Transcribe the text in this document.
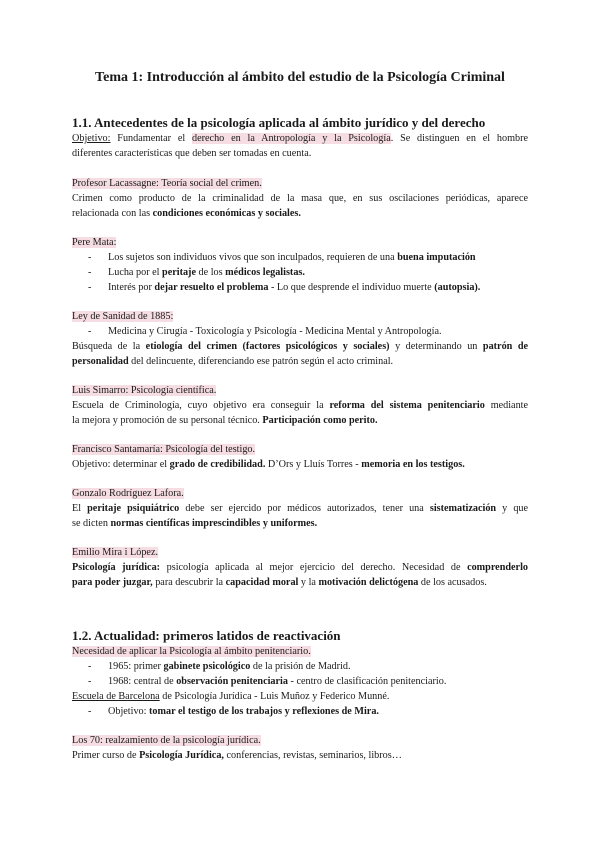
Tema 1: Introducción al ámbito del estudio de la Psicología Criminal
1.1. Antecedentes de la psicología aplicada al ámbito jurídico y del derecho
Objetivo: Fundamentar el derecho en la Antropología y la Psicología. Se distinguen en el hombre
diferentes características que deben ser tomadas en cuenta.
Profesor Lacassagne: Teoría social del crimen.
Crimen como producto de la criminalidad de la masa que, en sus oscilaciones periódicas, aparece
relacionada con las condiciones económicas y sociales.
Pere Mata:
- Los sujetos son individuos vivos que son inculpados, requieren de una buena imputación
- Lucha por el peritaje de los médicos legalistas.
- Interés por dejar resuelto el problema - Lo que desprende el individuo muerte (autopsia).
Ley de Sanidad de 1885:
- Medicina y Cirugía - Toxicología y Psicología - Medicina Mental y Antropología.
Búsqueda de la etiología del crimen (factores psicológicos y sociales) y determinando un patrón de
personalidad del delincuente, diferenciando ese patrón según el acto criminal.
Luis Simarro: Psicología científica.
Escuela de Criminología, cuyo objetivo era conseguir la reforma del sistema penitenciario mediante
la mejora y promoción de su personal técnico. Participación como perito.
Francisco Santamaría: Psicología del testigo.
Objetivo: determinar el grado de credibilidad. D’Ors y Lluís Torres - memoria en los testigos.
Gonzalo Rodríguez Lafora.
El peritaje psiquiátrico debe ser ejercido por médicos autorizados, tener una sistematización y que
se dicten normas científicas imprescindibles y uniformes.
Emilio Mira i López.
Psicología jurídica: psicología aplicada al mejor ejercicio del derecho. Necesidad de comprenderlo
para poder juzgar, para descubrir la capacidad moral y la motivación delictógena de los acusados.
1.2. Actualidad: primeros latidos de reactivación
Necesidad de aplicar la Psicología al ámbito penitenciario.
- 1965: primer gabinete psicológico de la prisión de Madrid.
- 1968: central de observación penitenciaria - centro de clasificación penitenciario.
Escuela de Barcelona de Psicología Jurídica - Luis Muñoz y Federico Munné.
- Objetivo: tomar el testigo de los trabajos y reflexiones de Mira.
Los 70: realzamiento de la psicología jurídica.
Primer curso de Psicología Jurídica, conferencias, revistas, seminarios, libros…
